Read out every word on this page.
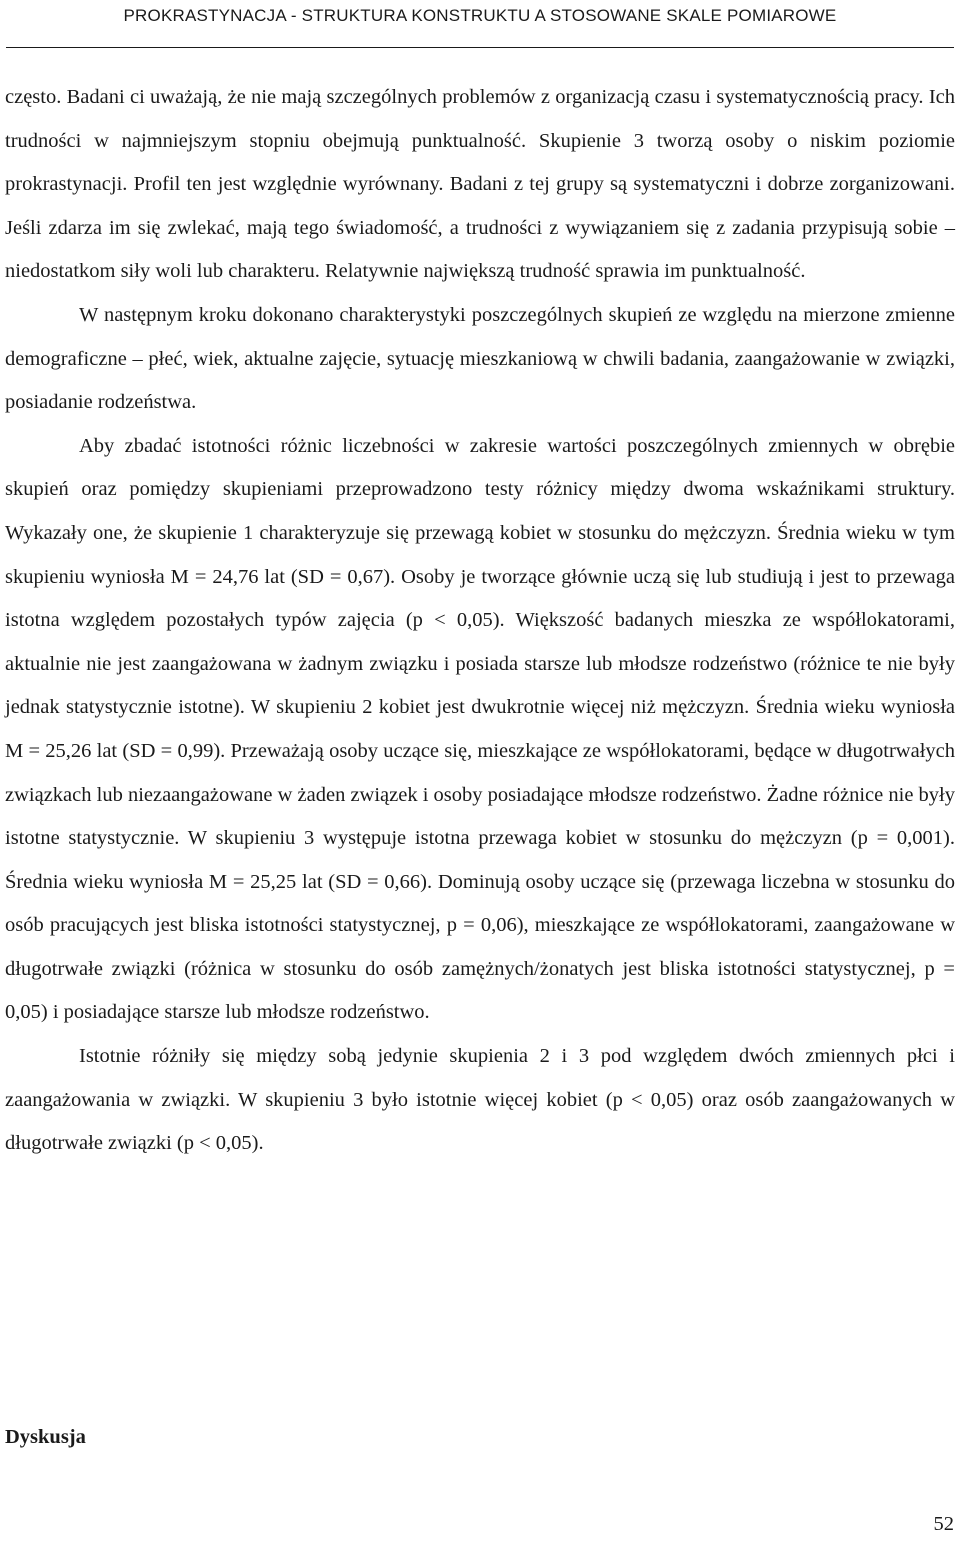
PROKRASTYNACJA - STRUKTURA KONSTRUKTU A STOSOWANE SKALE POMIAROWE

często. Badani ci uważają, że nie mają szczególnych problemów z organizacją czasu i systematycznością pracy. Ich trudności w najmniejszym stopniu obejmują punktualność. Skupienie 3 tworzą osoby o niskim poziomie prokrastynacji. Profil ten jest względnie wyrównany. Badani z tej grupy są systematyczni i dobrze zorganizowani. Jeśli zdarza im się zwlekać, mają tego świadomość, a trudności z wywiązaniem się z zadania przypisują sobie – niedostatkom siły woli lub charakteru. Relatywnie największą trudność sprawia im punktualność.

W następnym kroku dokonano charakterystyki poszczególnych skupień ze względu na mierzone zmienne demograficzne – płeć, wiek, aktualne zajęcie, sytuację mieszkaniową w chwili badania, zaangażowanie w związki, posiadanie rodzeństwa.

Aby zbadać istotności różnic liczebności w zakresie wartości poszczególnych zmiennych w obrębie skupień oraz pomiędzy skupieniami przeprowadzono testy różnicy między dwoma wskaźnikami struktury. Wykazały one, że skupienie 1 charakteryzuje się przewagą kobiet w stosunku do mężczyzn. Średnia wieku w tym skupieniu wyniosła M = 24,76 lat (SD = 0,67). Osoby je tworzące głównie uczą się lub studiują i jest to przewaga istotna względem pozostałych typów zajęcia (p < 0,05). Większość badanych mieszka ze współlokatorami, aktualnie nie jest zaangażowana w żadnym związku i posiada starsze lub młodsze rodzeństwo (różnice te nie były jednak statystycznie istotne). W skupieniu 2 kobiet jest dwukrotnie więcej niż mężczyzn. Średnia wieku wyniosła M = 25,26 lat (SD = 0,99). Przeważają osoby uczące się, mieszkające ze współlokatorami, będące w długotrwałych związkach lub niezaangażowane w żaden związek i osoby posiadające młodsze rodzeństwo. Żadne różnice nie były istotne statystycznie. W skupieniu 3 występuje istotna przewaga kobiet w stosunku do mężczyzn (p = 0,001). Średnia wieku wyniosła M = 25,25 lat (SD = 0,66). Dominują osoby uczące się (przewaga liczebna w stosunku do osób pracujących jest bliska istotności statystycznej, p = 0,06), mieszkające ze współlokatorami, zaangażowane w długotrwałe związki (różnica w stosunku do osób zamężnych/żonatych jest bliska istotności statystycznej, p = 0,05) i posiadające starsze lub młodsze rodzeństwo.

Istotnie różniły się między sobą jedynie skupienia 2 i 3 pod względem dwóch zmiennych płci i zaangażowania w związki. W skupieniu 3 było istotnie więcej kobiet (p < 0,05) oraz osób zaangażowanych w długotrwałe związki (p < 0,05).

Dyskusja
52
